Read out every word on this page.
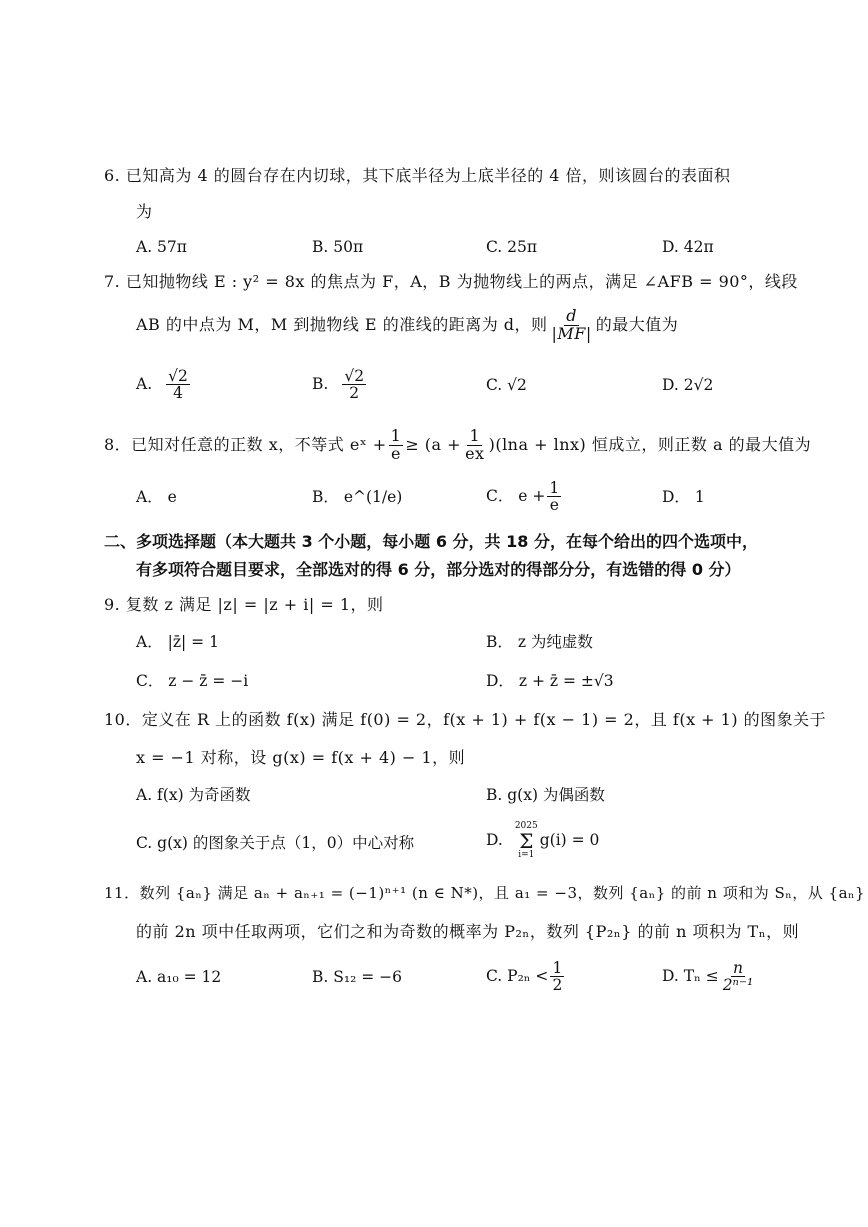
6. 已知高为 4 的圆台存在内切球，其下底半径为上底半径的 4 倍，则该圆台的表面积
为
A. 57π	B. 50π	C. 25π	D. 42π
7. 已知抛物线 E : y² = 8x 的焦点为 F，A，B 为抛物线上的两点，满足 ∠AFB = 90°，线段
AB 的中点为 M，M 到抛物线 E 的准线的距离为 d，则 $\frac{d}{|MF|}$ 的最大值为
A. $\frac{√2}{4}$	B. $\frac{√2}{2}$	C. √2	D. 2√2
8．已知对任意的正数 x，不等式 eˣ + $\frac{1}{e} \ge (a + \frac{1}{ex} )(\ln a + \ln x)$ 恒成立，则正数 a 的最大值为
A． e	B． e^(1/e)	C． $e + \frac{1}{e}$	D． 1
二、多项选择题（本大题共 3 个小题，每小题 6 分，共 18 分，在每个给出的四个选项中，
有多项符合题目要求，全部选对的得 6 分，部分选对的得部分分，有选错的得 0 分）
9. 复数 z 满足 |z| = |z + i| = 1，则
A． |z̄| = 1	B． z 为纯虚数
C． z − z̄ = −i	D． z + z̄ = ±√3
10．定义在 R 上的函数 f(x) 满足 f(0) = 2，f(x + 1) + f(x − 1) = 2，且 f(x + 1) 的图象关于
x = −1 对称，设 g(x) = f(x + 4) − 1，则
A. f(x) 为奇函数	B. g(x) 为偶函数
C. g(x) 的图象关于点（1，0）中心对称	D.
2025
Σ
i=1
g(i) = 0
11．数列 {aₙ} 满足 aₙ + aₙ₊₁ = (−1)ⁿ⁺¹ (n ∈ N*)，且 a₁ = −3，数列 {aₙ} 的前 n 项和为 Sₙ，从 {aₙ}
的前 2n 项中任取两项，它们之和为奇数的概率为 P₂ₙ，数列 {P₂ₙ} 的前 n 项积为 Tₙ，则
A. a₁₀ = 12	B. S₁₂ = −6	C. $P_{2n} < \frac{1}{2}$	D. $T_n \le \frac{n}{\text{2ⁿ⁻¹}}$
